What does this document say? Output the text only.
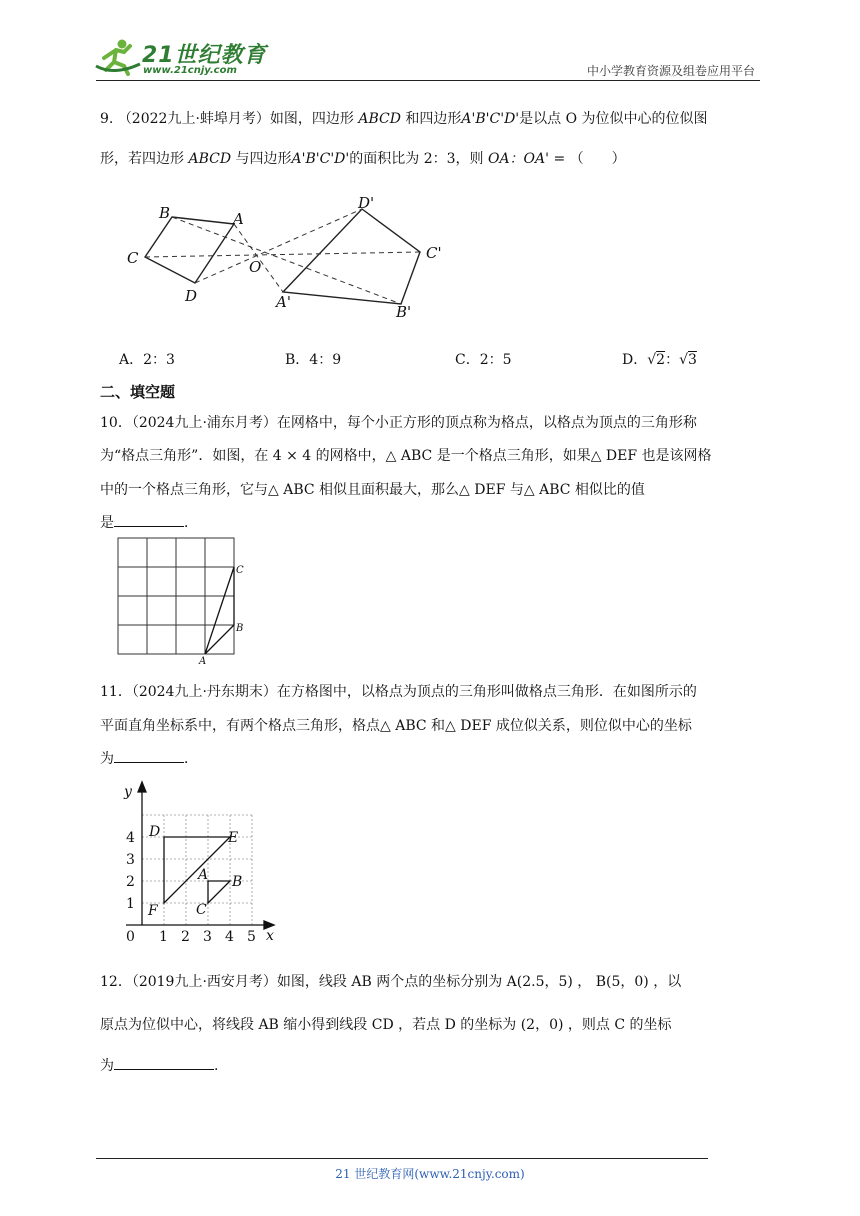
21世纪教育
www.21cnjy.com	中小学教育资源及组卷应用平台
9. （2022九上·蚌埠月考）如图，四边形 ABCD 和四边形A'B'C'D'是以点 O 为位似中心的位似图
形，若四边形 ABCD 与四边形A'B'C'D'的面积比为 2：3，则 OA：OA' = （　　）
B	A
C
D
O
D'
C'
A'
B'
A．2：3	B．4：9	C．2：5	D．√2：√3
二、填空题
10．（2024九上·浦东月考）在网格中，每个小正方形的顶点称为格点，以格点为顶点的三角形称
为“格点三角形”．如图，在 4 × 4 的网格中，△ ABC 是一个格点三角形，如果△ DEF 也是该网格
中的一个格点三角形，它与△ ABC 相似且面积最大，那么△ DEF 与△ ABC 相似比的值
是	．
A
B
C
11．（2024九上·丹东期末）在方格图中，以格点为顶点的三角形叫做格点三角形．在如图所示的
平面直角坐标系中，有两个格点三角形，格点△ ABC 和△ DEF 成位似关系，则位似中心的坐标
为	．
y
x
0 1 2 3 4 5
1
2
3
4 D	E
F
A B
C
12．（2019九上·西安月考）如图，线段 AB 两个点的坐标分别为 A(2.5，5) ， B(5，0) ，以
原点为位似中心，将线段 AB 缩小得到线段 CD ，若点 D 的坐标为 (2，0) ，则点 C 的坐标
为	.
21 世纪教育网(www.21cnjy.com)
